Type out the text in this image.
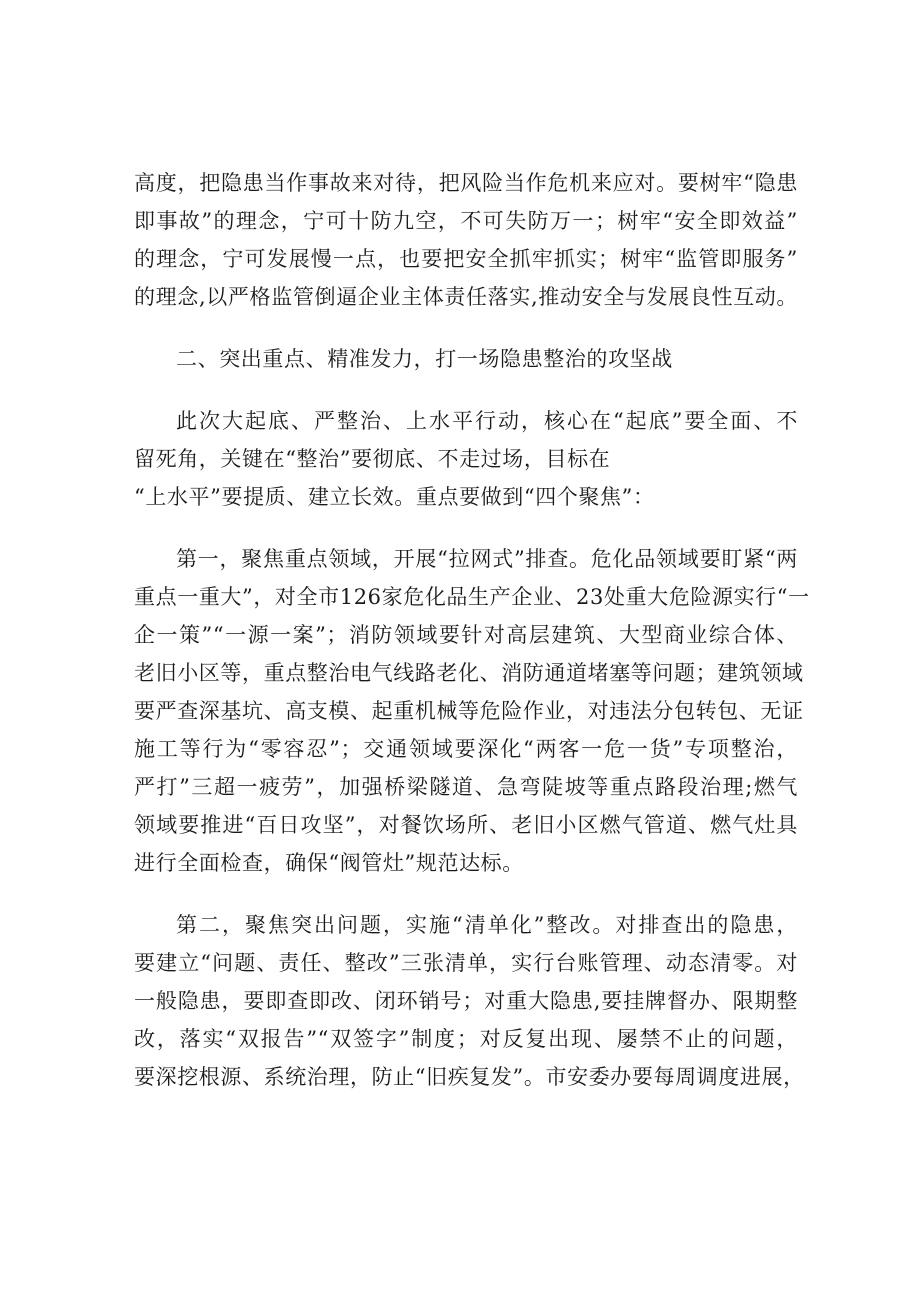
高度，把隐患当作事故来对待，把风险当作危机来应对。要树牢“隐患
即事故”的理念，宁可十防九空，不可失防万一；树牢“安全即效益”
的理念，宁可发展慢一点，也要把安全抓牢抓实；树牢“监管即服务”
的理念,以严格监管倒逼企业主体责任落实,推动安全与发展良性互动。
二、突出重点、精准发力，打一场隐患整治的攻坚战
此次大起底、严整治、上水平行动，核心在“起底”要全面、不
留死角，关键在“整治”要彻底、不走过场，目标在
“上水平”要提质、建立长效。重点要做到“四个聚焦”：
第一，聚焦重点领域，开展“拉网式”排查。危化品领域要盯紧“两
重点一重大”，对全市126家危化品生产企业、23处重大危险源实行“一
企一策”“一源一案”；消防领域要针对高层建筑、大型商业综合体、
老旧小区等，重点整治电气线路老化、消防通道堵塞等问题；建筑领域
要严查深基坑、高支模、起重机械等危险作业，对违法分包转包、无证
施工等行为“零容忍”；交通领域要深化“两客一危一货”专项整治，
严打”三超一疲劳”，加强桥梁隧道、急弯陡坡等重点路段治理;燃气
领域要推进“百日攻坚”，对餐饮场所、老旧小区燃气管道、燃气灶具
进行全面检查，确保“阀管灶”规范达标。
第二，聚焦突出问题，实施“清单化”整改。对排查出的隐患，
要建立“问题、责任、整改”三张清单，实行台账管理、动态清零。对
一般隐患，要即查即改、闭环销号；对重大隐患,要挂牌督办、限期整
改，落实“双报告”“双签字”制度；对反复出现、屡禁不止的问题，
要深挖根源、系统治理，防止“旧疾复发”。市安委办要每周调度进展，
